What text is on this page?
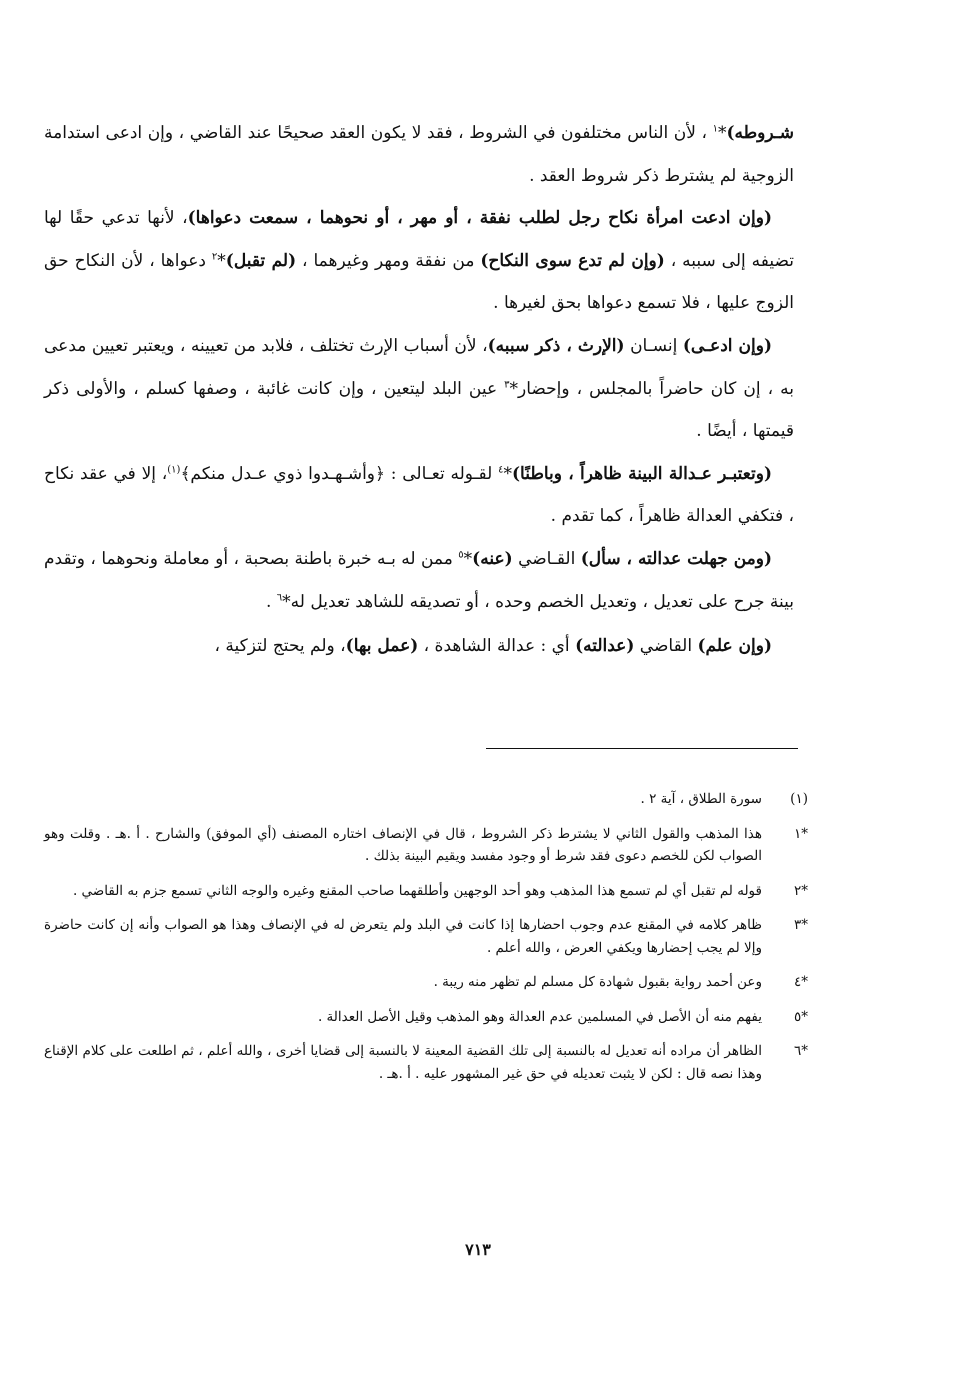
شـروطه)*$^١$ ، لأن الناس مختلفون في الشروط ، فقد لا يكون العقد صحيحًا عند القاضي ، وإن ادعى استدامة الزوجية لم يشترط ذكر شروط العقد .

(وإن ادعت امرأة نكاح رجل لطلب نفقة ، أو مهر ، أو نحوهما ، سمعت دعواها)، لأنها تدعي حقًا لها تضيفه إلى سببه ، (وإن لم تدع سوى النكاح) من نفقة ومهر وغيرهما ، (لم تقبل)*$^٢$ دعواها ، لأن النكاح حق الزوج عليها ، فلا تسمع دعواها بحق لغيرها .

(وإن ادعـى) إنسـان (الإرث ، ذكر سببه)، لأن أسباب الإرث تختلف ، فلابد من تعيينه ، ويعتبر تعيين مدعى به ، إن كان حاضراً بالمجلس ، وإحضار*$^٣$ عين البلد ليتعين ، وإن كانت غائبة ، وصفها كسلم ، والأولى ذكر قيمتها ، أيضًا .

(وتعتبـر عـدالة البينة ظاهراً ، وباطنًا)*$^٤$ لقـوله تعـالى : ﴿وأشـهـدوا ذوي عـدل منكم﴾$^{(١)}$، إلا في عقد نكاح ، فتكفي العدالة ظاهراً ، كما تقدم .

(ومن جهلت عدالته ، سأل) القـاضي (عنه)*$^٥$ ممن له بـه خبرة باطنة بصحبة ، أو معاملة ونحوهما ، وتقدم بينة جرح على تعديل ، وتعديل الخصم وحده ، أو تصديقه للشاهد تعديل له*$^٦$ .

(وإن علم) القاضي (عدالته) أي : عدالة الشاهدة ، (عمل بها)، ولم يحتج لتزكية ،

(١)
سورة الطلاق ، آية ٢ .
*١
هذا المذهب والقول الثاني لا يشترط ذكر الشروط ، قال في الإنصاف اختاره المصنف (أي الموفق) والشارح . أ .هـ . وقلت وهو الصواب لكن للخصم دعوى فقد شرط أو وجود مفسد ويقيم البينة بذلك .
*٢
قوله لم تقبل أي لم تسمع هذا المذهب وهو أحد الوجهين وأطلقهما صاحب المقنع وغيره والوجه الثاني تسمع جزم به القاضي .
*٣
ظاهر كلامه في المقنع عدم وجوب احضارها إذا كانت في البلد ولم يتعرض له في الإنصاف وهذا هو الصواب وأنه إن كانت حاضرة وإلا لم يجب إحضارها ويكفي العرض ، والله أعلم .
*٤
وعن أحمد رواية بقبول شهادة كل مسلم لم تظهر منه ريبة .
*٥
يفهم منه أن الأصل في المسلمين عدم العدالة وهو المذهب وقيل الأصل العدالة .
*٦
الظاهر أن مراده أنه تعديل له بالنسبة إلى تلك القضية المعينة لا بالنسبة إلى قضايا أخرى ، والله أعلم ، ثم اطلعت على كلام الإقناع وهذا نصه قال : لكن لا يثبت تعديله في حق غير المشهور عليه . أ .هـ .
٧١٣
